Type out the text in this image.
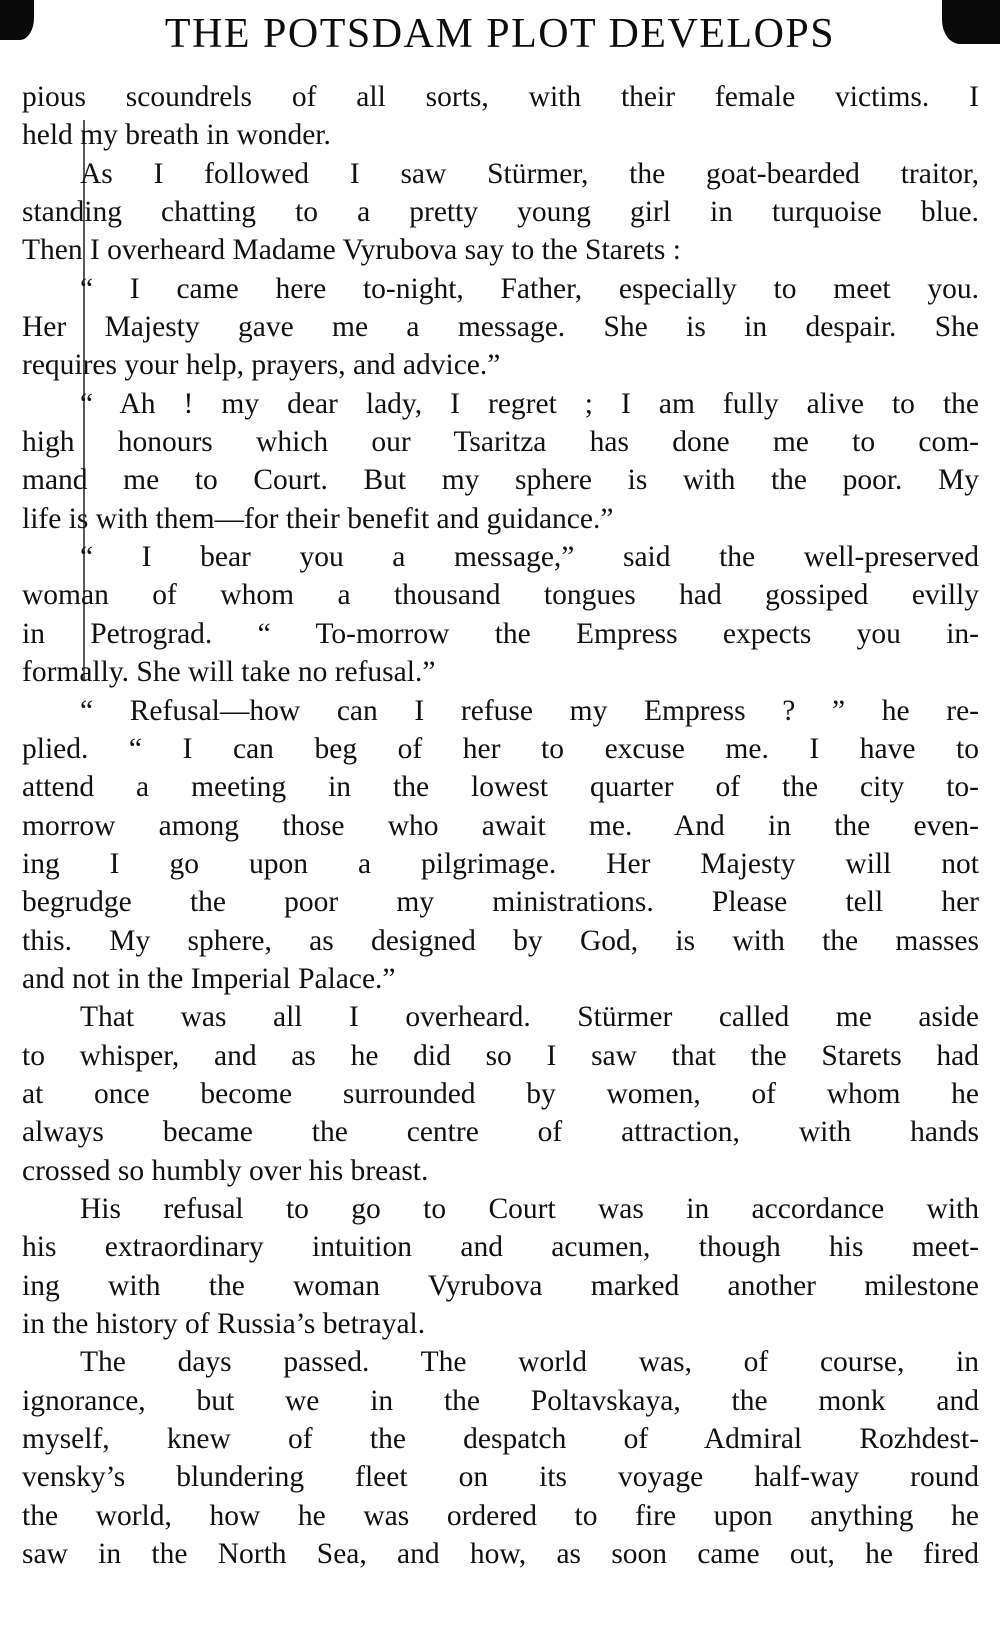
THE POTSDAM PLOT DEVELOPS
pious scoundrels of all sorts, with their female victims. I
held my breath in wonder.
As I followed I saw Stürmer, the goat-bearded traitor,
standing chatting to a pretty young girl in turquoise blue.
Then I overheard Madame Vyrubova say to the Starets :
“ I came here to-night, Father, especially to meet you.
Her Majesty gave me a message. She is in despair. She
requires your help, prayers, and advice.”
“ Ah ! my dear lady, I regret ; I am fully alive to the
high honours which our Tsaritza has done me to com-
mand me to Court. But my sphere is with the poor. My
life is with them—for their benefit and guidance.”
“ I bear you a message,” said the well-preserved
woman of whom a thousand tongues had gossiped evilly
in Petrograd. “ To-morrow the Empress expects you in-
formally. She will take no refusal.”
“ Refusal—how can I refuse my Empress ? ” he re-
plied. “ I can beg of her to excuse me. I have to
attend a meeting in the lowest quarter of the city to-
morrow among those who await me. And in the even-
ing I go upon a pilgrimage. Her Majesty will not
begrudge the poor my ministrations. Please tell her
this. My sphere, as designed by God, is with the masses
and not in the Imperial Palace.”
That was all I overheard. Stürmer called me aside
to whisper, and as he did so I saw that the Starets had
at once become surrounded by women, of whom he
always became the centre of attraction, with hands
crossed so humbly over his breast.
His refusal to go to Court was in accordance with
his extraordinary intuition and acumen, though his meet-
ing with the woman Vyrubova marked another milestone
in the history of Russia’s betrayal.
The days passed. The world was, of course, in
ignorance, but we in the Poltavskaya, the monk and
myself, knew of the despatch of Admiral Rozhdest-
vensky’s blundering fleet on its voyage half-way round
the world, how he was ordered to fire upon anything he
saw in the North Sea, and how, as soon came out, he fired
